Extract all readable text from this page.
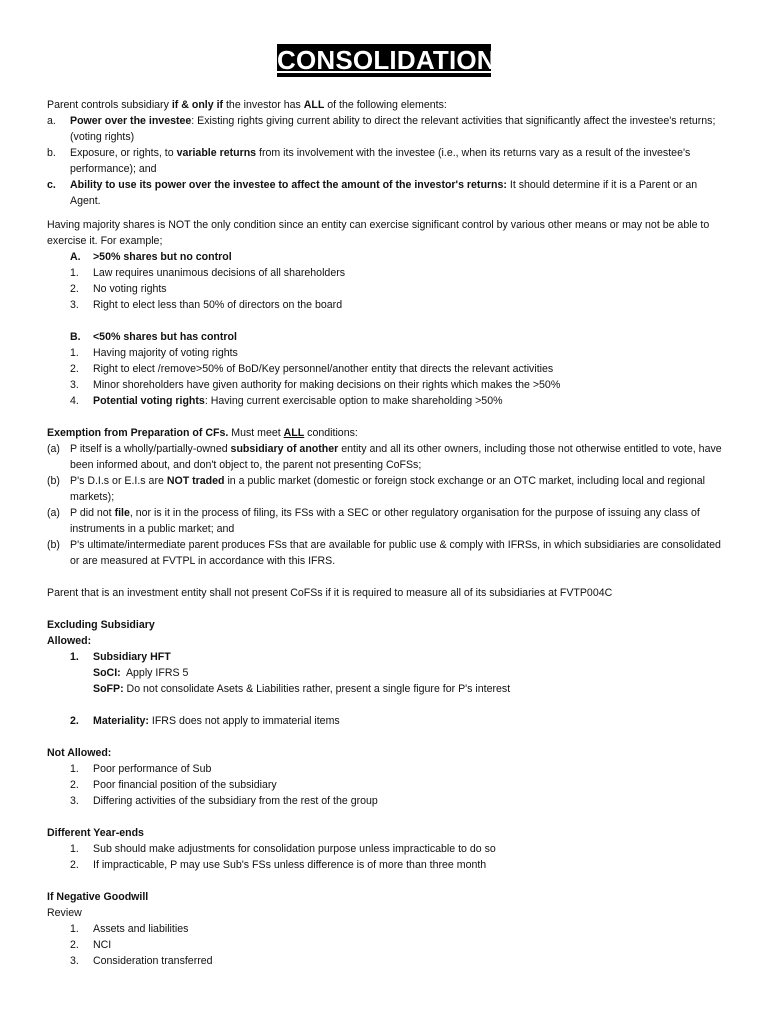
CONSOLIDATION
Parent controls subsidiary if & only if the investor has ALL of the following elements:
a.	Power over the investee: Existing rights giving current ability to direct the relevant activities that significantly affect the investee's returns; (voting rights)
b.	Exposure, or rights, to variable returns from its involvement with the investee (i.e., when its returns vary as a result of the investee's performance); and
c.	Ability to use its power over the investee to affect the amount of the investor's returns: It should determine if it is a Parent or an Agent.
Having majority shares is NOT the only condition since an entity can exercise significant control by various other means or may not be able to exercise it. For example;
A.	>50% shares but no control
1.	Law requires unanimous decisions of all shareholders
2.	No voting rights
3.	Right to elect less than 50% of directors on the board
B.	<50% shares but has control
1.	Having majority of voting rights
2.	Right to elect /remove>50% of BoD/Key personnel/another entity that directs the relevant activities
3.	Minor shoreholders have given authority for making decisions on their rights which makes the >50%
4.	Potential voting rights: Having current exercisable option to make shareholding >50%
Exemption from Preparation of CFs. Must meet ALL conditions:
(a) P itself is a wholly/partially-owned subsidiary of another entity and all its other owners, including those not otherwise entitled to vote, have been informed about, and don't object to, the parent not presenting CoFSs;
(b) P's D.I.s or E.I.s are NOT traded in a public market (domestic or foreign stock exchange or an OTC market, including local and regional markets);
(a) P did not file, nor is it in the process of filing, its FSs with a SEC or other regulatory organisation for the purpose of issuing any class of instruments in a public market; and
(b) P's ultimate/intermediate parent produces FSs that are available for public use & comply with IFRSs, in which subsidiaries are consolidated or are measured at FVTPL in accordance with this IFRS.
Parent that is an investment entity shall not present CoFSs if it is required to measure all of its subsidiaries at FVTP004C
Excluding Subsidiary
Allowed:
1.	Subsidiary HFT
SoCI:  Apply IFRS 5
SoFP: Do not consolidate Asets & Liabilities rather, present a single figure for P's interest
2.	Materiality: IFRS does not apply to immaterial items
Not Allowed:
1.	Poor performance of Sub
2.	Poor financial position of the subsidiary
3.	Differing activities of the subsidiary from the rest of the group
Different Year-ends
1.	Sub should make adjustments for consolidation purpose unless impracticable to do so
2.	If impracticable, P may use Sub's FSs unless difference is of more than three month
If Negative Goodwill
Review
1.	Assets and liabilities
2.	NCI
3.	Consideration transferred
